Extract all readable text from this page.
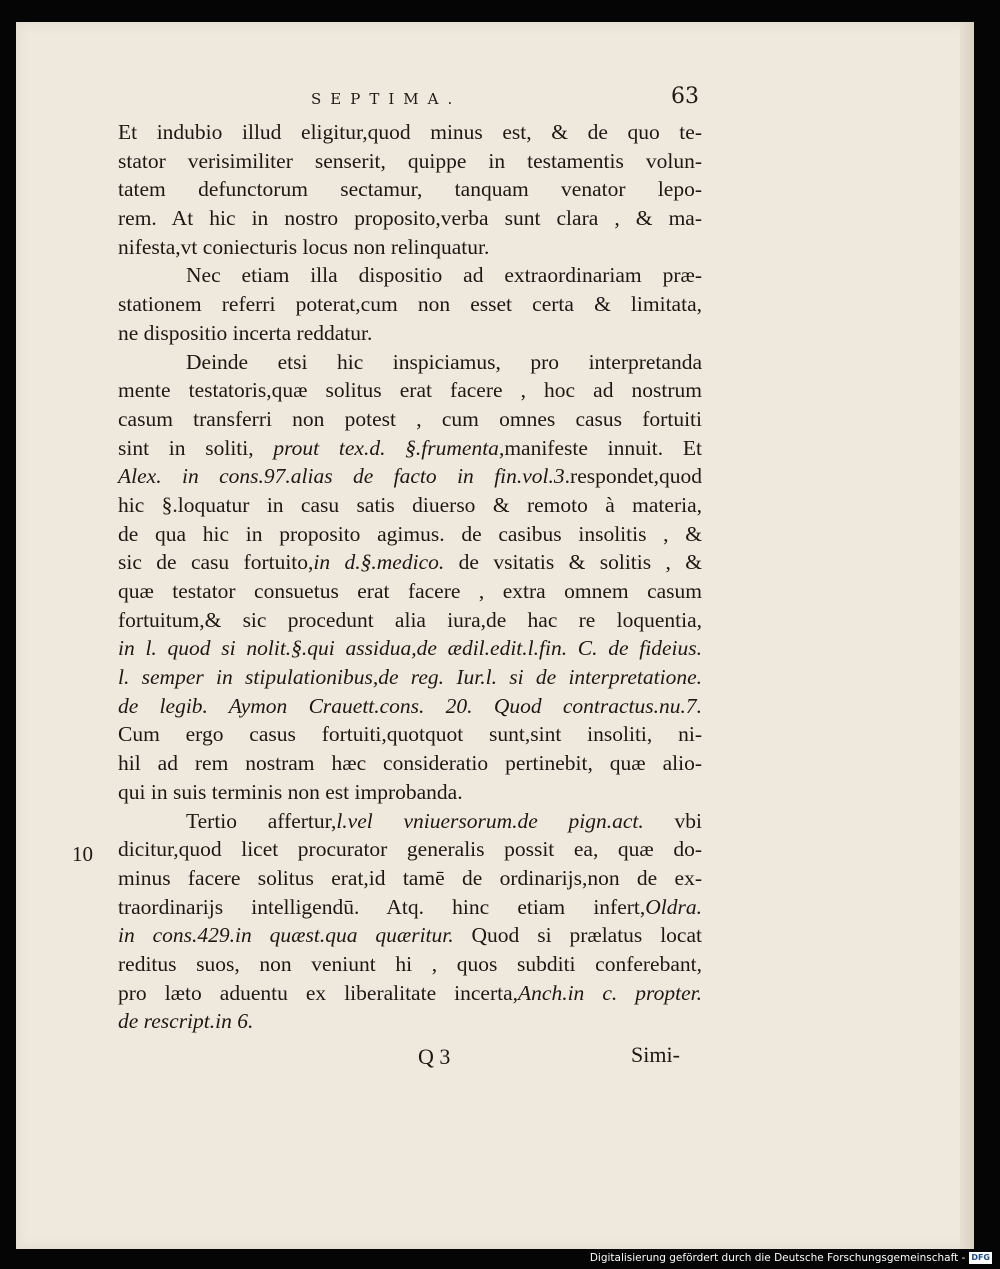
SEPTIMA.	63
Et indubio illud eligitur,quod minus est, & de quo te-
stator verisimiliter senserit, quippe in testamentis volun-
tatem defunctorum sectamur, tanquam venator lepo-
rem. At hic in nostro proposito,verba sunt clara , & ma-
nifesta,vt coniecturis locus non relinquatur.
Nec etiam illa dispositio ad extraordinariam præ-
stationem referri poterat,cum non esset certa & limitata,
ne dispositio incerta reddatur.
Deinde etsi hic inspiciamus, pro interpretanda
mente testatoris,quæ solitus erat facere , hoc ad nostrum
casum transferri non potest , cum omnes casus fortuiti
sint in soliti, prout tex.d. §.frumenta,manifeste innuit. Et
Alex. in cons.97.alias de facto in fin.vol.3.respondet,quod
hic §.loquatur in casu satis diuerso & remoto à materia,
de qua hic in proposito agimus. de casibus insolitis , &
sic de casu fortuito,in d.§.medico. de vsitatis & solitis , &
quæ testator consuetus erat facere , extra omnem casum
fortuitum,& sic procedunt alia iura,de hac re loquentia,
in l. quod si nolit.§.qui assidua,de ædil.edit.l.fin. C. de fideius.
l. semper in stipulationibus,de reg. Iur.l. si de interpretatione.
de legib. Aymon Crauett.cons. 20. Quod contractus.nu.7.
Cum ergo casus fortuiti,quotquot sunt,sint insoliti, ni-
hil ad rem nostram hæc consideratio pertinebit, quæ alio-
qui in suis terminis non est improbanda.
Tertio affertur,l.vel vniuersorum.de pign.act. vbi
dicitur,quod licet procurator generalis possit ea, quæ do-
minus facere solitus erat,id tamē de ordinarijs,non de ex-
traordinarijs intelligendū. Atq. hinc etiam infert,Oldra.
in cons.429.in quæst.qua quæritur. Quod si prælatus locat
reditus suos, non veniunt hi , quos subditi conferebant,
pro læto aduentu ex liberalitate incerta,Anch.in c. propter.
de rescript.in 6.
10
Q 3	Simi-
Digitalisierung gefördert durch die Deutsche Forschungsgemeinschaft - DFG
